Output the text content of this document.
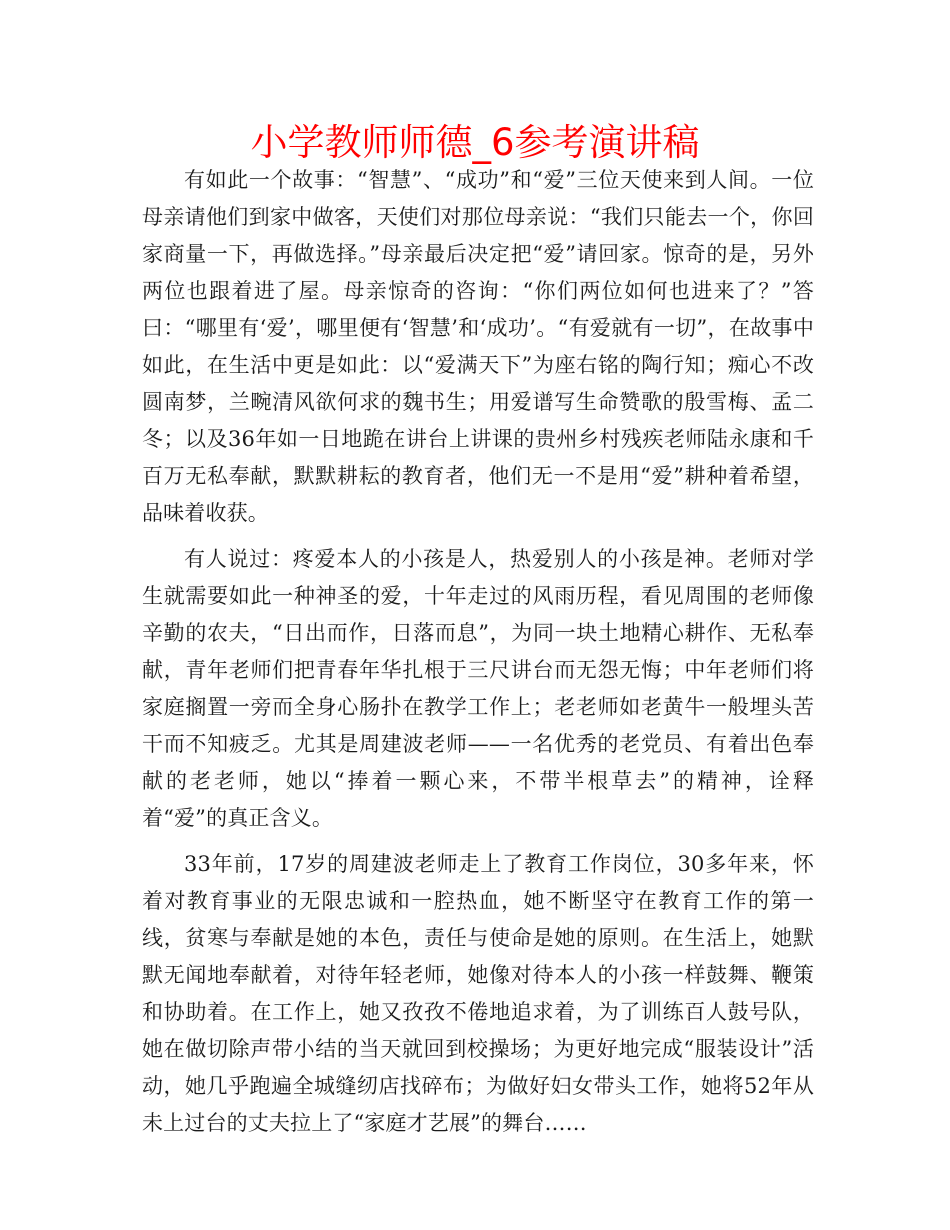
小学教师师德_6参考演讲稿

有如此一个故事：“智慧”、“成功”和“爱”三位天使来到人间。一位母亲请他们到家中做客，天使们对那位母亲说：“我们只能去一个，你回家商量一下，再做选择。”母亲最后决定把“爱”请回家。惊奇的是，另外两位也跟着进了屋。母亲惊奇的咨询：“你们两位如何也进来了？”答曰：“哪里有‘爱’，哪里便有‘智慧’和‘成功’。“有爱就有一切”，在故事中如此，在生活中更是如此：以“爱满天下”为座右铭的陶行知；痴心不改圆南梦，兰畹清风欲何求的魏书生；用爱谱写生命赞歌的殷雪梅、孟二冬；以及36年如一日地跪在讲台上讲课的贵州乡村残疾老师陆永康和千百万无私奉献，默默耕耘的教育者，他们无一不是用“爱”耕种着希望，品味着收获。

有人说过：疼爱本人的小孩是人，热爱别人的小孩是神。老师对学生就需要如此一种神圣的爱，十年走过的风雨历程，看见周围的老师像辛勤的农夫，“日出而作，日落而息”，为同一块土地精心耕作、无私奉献，青年老师们把青春年华扎根于三尺讲台而无怨无悔；中年老师们将家庭搁置一旁而全身心肠扑在教学工作上；老老师如老黄牛一般埋头苦干而不知疲乏。尤其是周建波老师——一名优秀的老党员、有着出色奉献的老老师，她以“捧着一颗心来，不带半根草去”的精神，诠释着“爱”的真正含义。

33年前，17岁的周建波老师走上了教育工作岗位，30多年来，怀着对教育事业的无限忠诚和一腔热血，她不断坚守在教育工作的第一线，贫寒与奉献是她的本色，责任与使命是她的原则。在生活上，她默默无闻地奉献着，对待年轻老师，她像对待本人的小孩一样鼓舞、鞭策和协助着。在工作上，她又孜孜不倦地追求着，为了训练百人鼓号队，她在做切除声带小结的当天就回到校操场；为更好地完成“服装设计”活动，她几乎跑遍全城缝纫店找碎布；为做好妇女带头工作，她将52年从未上过台的丈夫拉上了“家庭才艺展”的舞台……
